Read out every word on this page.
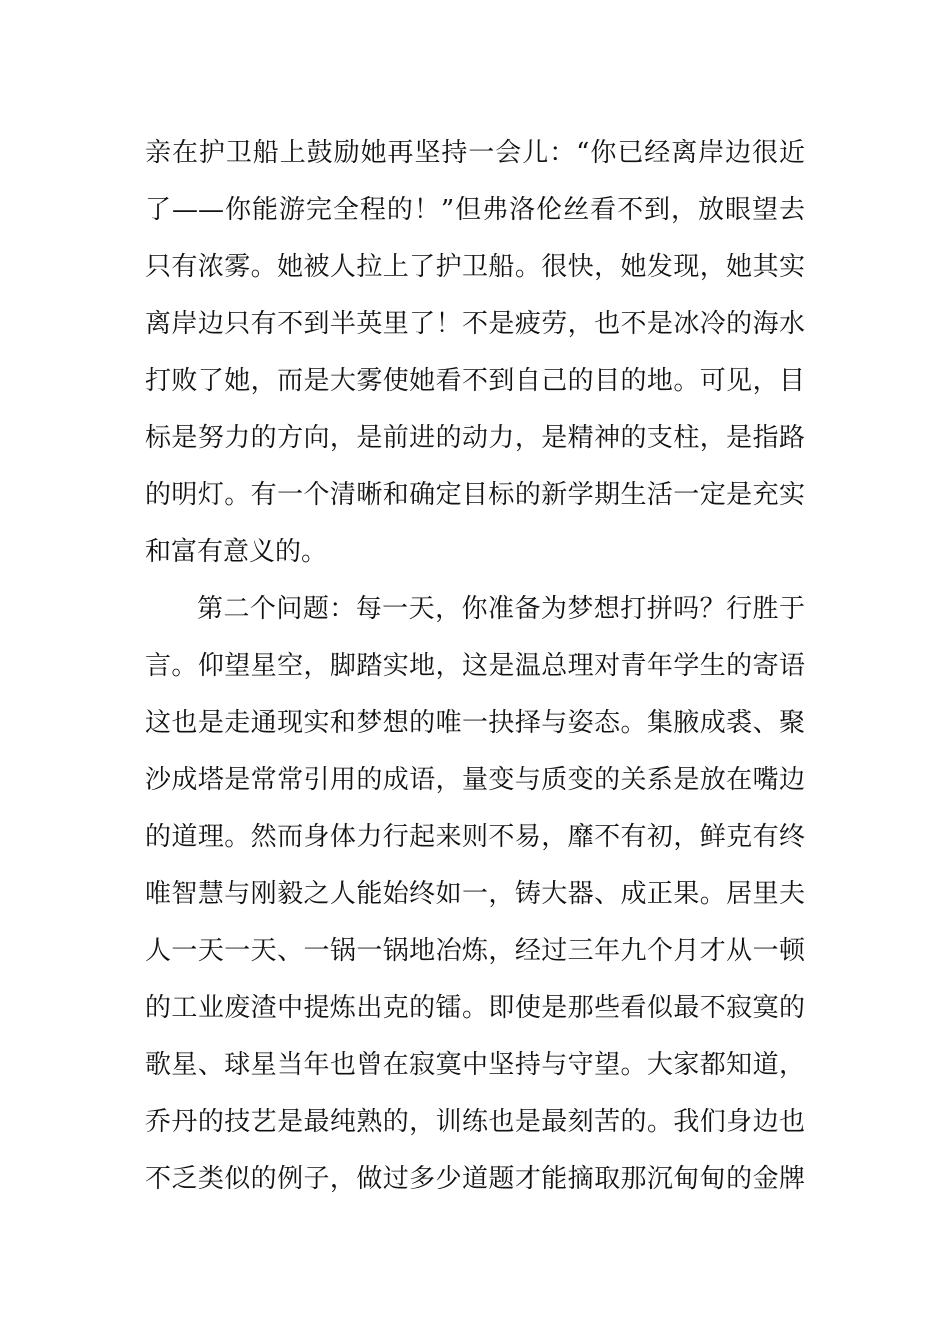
亲在护卫船上鼓励她再坚持一会儿：“你已经离岸边很近
了——你能游完全程的！”但弗洛伦丝看不到，放眼望去
只有浓雾。她被人拉上了护卫船。很快，她发现，她其实
离岸边只有不到半英里了！不是疲劳，也不是冰冷的海水
打败了她，而是大雾使她看不到自己的目的地。可见，目
标是努力的方向，是前进的动力，是精神的支柱，是指路
的明灯。有一个清晰和确定目标的新学期生活一定是充实
和富有意义的。
第二个问题：每一天，你准备为梦想打拼吗？行胜于
言。仰望星空，脚踏实地，这是温总理对青年学生的寄语
这也是走通现实和梦想的唯一抉择与姿态。集腋成裘、聚
沙成塔是常常引用的成语，量变与质变的关系是放在嘴边
的道理。然而身体力行起来则不易，靡不有初，鲜克有终
唯智慧与刚毅之人能始终如一，铸大器、成正果。居里夫
人一天一天、一锅一锅地冶炼，经过三年九个月才从一顿
的工业废渣中提炼出克的镭。即使是那些看似最不寂寞的
歌星、球星当年也曾在寂寞中坚持与守望。大家都知道，
乔丹的技艺是最纯熟的，训练也是最刻苦的。我们身边也
不乏类似的例子，做过多少道题才能摘取那沉甸甸的金牌
